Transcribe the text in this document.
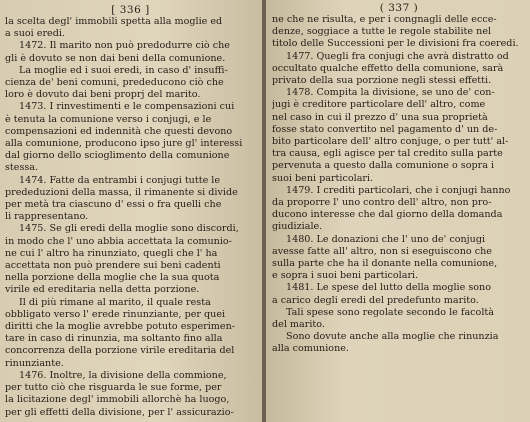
[ 336 ]
la scelta degl' immobili spetta alla moglie ed
a suoi eredi.
1472. Il marito non può predodurre ciò che
gli è dovuto se non dai beni della comunione.
La moglie ed i suoi eredi, in caso d' insuffi-
cienza de' beni comuni, prededucono ciò che
loro è dovuto dai beni proprj del marito.
1473. I rinvestimenti e le compensazioni cui
è tenuta la comunione verso i conjugi, e le
compensazioni ed indennità che questi devono
alla comunione, producono ipso jure gl' interessi
dal giorno dello scioglimento della comunione
stessa.
1474. Fatte da entrambi i conjugi tutte le
prededuzioni della massa, il rimanente si divide
per metà tra ciascuno d' essi o fra quelli che
li rappresentano.
1475. Se gli eredi della moglie sono discordi,
in modo che l' uno abbia accettata la comunio-
ne cui l' altro ha rinunziato, quegli che l' ha
accettata non può prendere sui beni cadenti
nella porzione della moglie che la sua quota
virile ed ereditaria nella detta porzione.
Il di più rimane al marito, il quale resta
obbligato verso l' erede rinunziante, per quei
diritti che la moglie avrebbe potuto esperimen-
tare in caso di rinunzia, ma soltanto fino alla
concorrenza della porzione virile ereditaria del
rinunziante.
1476. Inoltre, la divisione della commione,
per tutto ciò che risguarda le sue forme, per
la licitazione degl' immobili allorchè ha luogo,
per gli effetti della divisione, per l' assicurazio-
( 337 )
ne che ne risulta, e per i congnagli delle ecce-
denze, soggiace a tutte le regole stabilite nel
titolo delle Successioni per le divisioni fra coeredi.
1477. Quegli fra conjugi che avrà distratto od
occultato qualche effetto della comunione, sarà
privato della sua porzione negli stessi effetti.
1478. Compita la divisione, se uno de' con-
jugi è creditore particolare dell' altro, come
nel caso in cui il prezzo d' una sua proprietà
fosse stato convertito nel pagamento d' un de-
bito particolare dell' altro conjuge, o per tutt' al-
tra causa, egli agisce per tal credito sulla parte
pervenuta a questo dalla comunione o sopra i
suoi beni particolari.
1479. I crediti particolari, che i conjugi hanno
da proporre l' uno contro dell' altro, non pro-
ducono interesse che dal giorno della domanda
giudiziale.
1480. Le donazioni che l' uno de' conjugi
avesse fatte all' altro, non si eseguiscono che
sulla parte che ha il donante nella comunione,
e sopra i suoi beni particolari.
1481. Le spese del lutto della moglie sono
a carico degli eredi del predefunto marito.
Tali spese sono regolate secondo le facoltà
del marito.
Sono dovute anche alla moglie che rinunzia
alla comunione.
